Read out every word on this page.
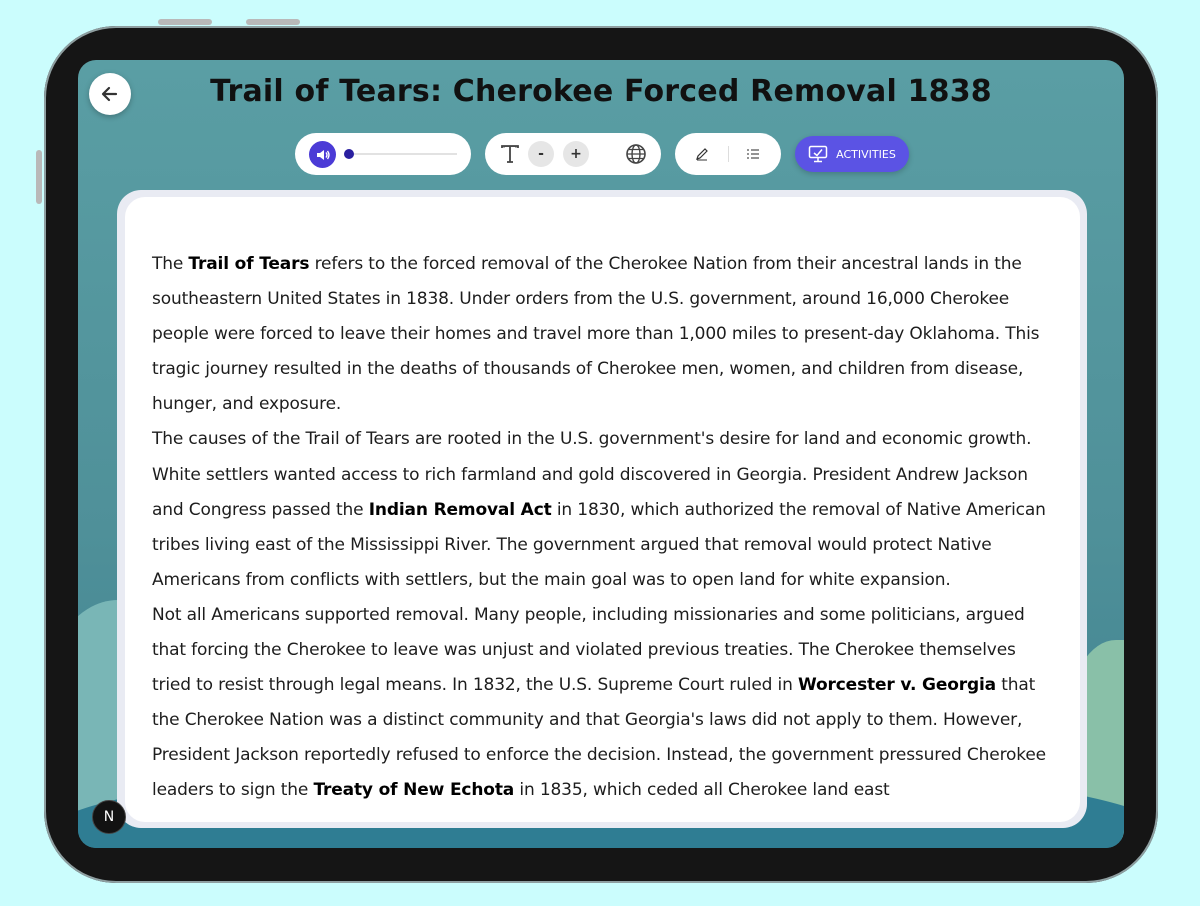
Trail of Tears: Cherokee Forced Removal 1838
-	+	ACTIVITIES

The Trail of Tears refers to the forced removal of the Cherokee Nation from their ancestral lands in the southeastern United States in 1838. Under orders from the U.S. government, around 16,000 Cherokee people were forced to leave their homes and travel more than 1,000 miles to present-day Oklahoma. This tragic journey resulted in the deaths of thousands of Cherokee men, women, and children from disease, hunger, and exposure.

The causes of the Trail of Tears are rooted in the U.S. government's desire for land and economic growth. White settlers wanted access to rich farmland and gold discovered in Georgia. President Andrew Jackson and Congress passed the Indian Removal Act in 1830, which authorized the removal of Native American tribes living east of the Mississippi River. The government argued that removal would protect Native Americans from conflicts with settlers, but the main goal was to open land for white expansion.

Not all Americans supported removal. Many people, including missionaries and some politicians, argued that forcing the Cherokee to leave was unjust and violated previous treaties. The Cherokee themselves tried to resist through legal means. In 1832, the U.S. Supreme Court ruled in Worcester v. Georgia that the Cherokee Nation was a distinct community and that Georgia's laws did not apply to them. However, President Jackson reportedly refused to enforce the decision. Instead, the government pressured Cherokee leaders to sign the Treaty of New Echota in 1835, which ceded all Cherokee land east

N
